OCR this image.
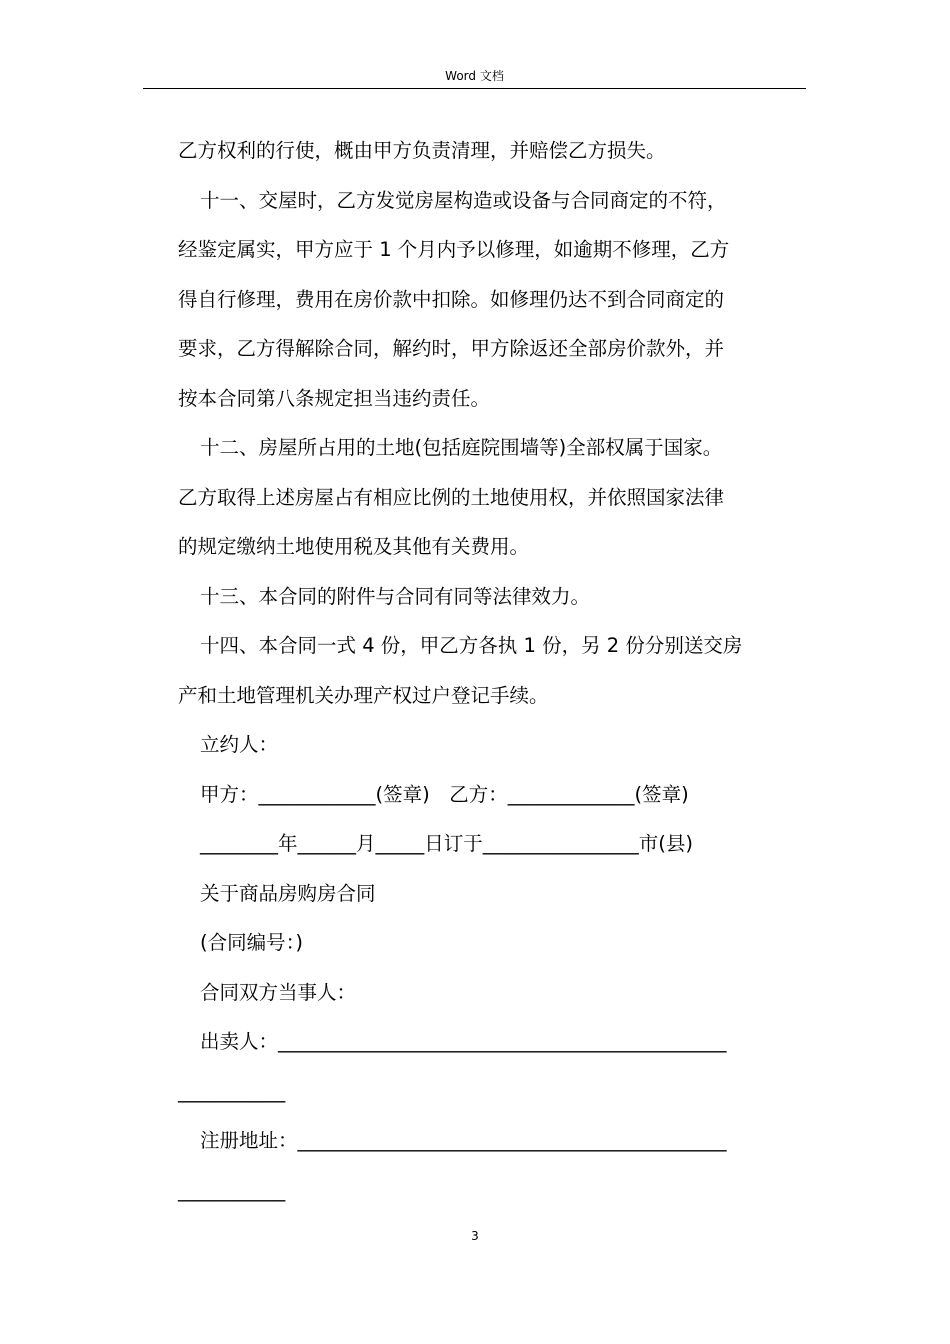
Word 文档
乙方权利的行使，概由甲方负责清理，并赔偿乙方损失。
十一、交屋时，乙方发觉房屋构造或设备与合同商定的不符，
经鉴定属实，甲方应于 1 个月内予以修理，如逾期不修理，乙方
得自行修理，费用在房价款中扣除。如修理仍达不到合同商定的
要求，乙方得解除合同，解约时，甲方除返还全部房价款外，并
按本合同第八条规定担当违约责任。
十二、房屋所占用的土地(包括庭院围墙等)全部权属于国家。
乙方取得上述房屋占有相应比例的土地使用权，并依照国家法律
的规定缴纳土地使用税及其他有关费用。
十三、本合同的附件与合同有同等法律效力。
十四、本合同一式 4 份，甲乙方各执 1 份，另 2 份分别送交房
产和土地管理机关办理产权过户登记手续。
立约人：
甲方：____________(签章)　乙方：_____________(签章)
________年______月_____日订于________________市(县)
关于商品房购房合同
(合同编号：)
合同双方当事人：
出卖人：______________________________________________
___________
注册地址：____________________________________________
___________
3
